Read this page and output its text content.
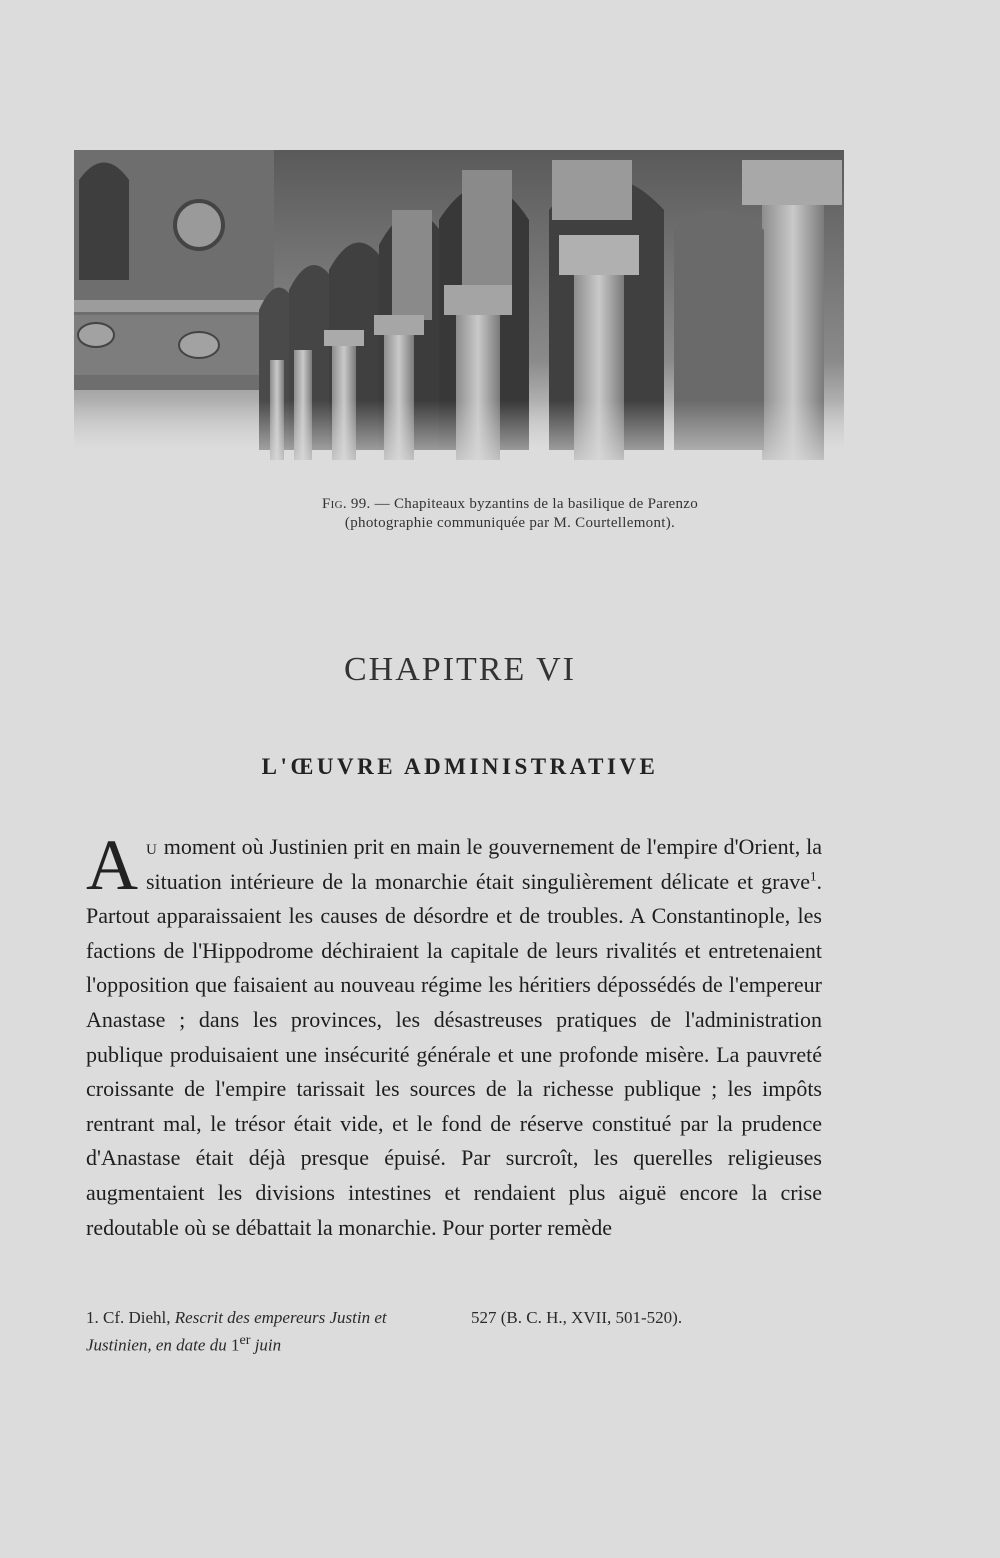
Fig. 99. — Chapiteaux byzantins de la basilique de Parenzo
(photographie communiquée par M. Courtellemont).
CHAPITRE VI
L'ŒUVRE ADMINISTRATIVE

Au moment où Justinien prit en main le gouvernement de l'empire d'Orient, la situation intérieure de la monarchie était singulièrement délicate et grave$^1$. Partout apparaissaient les causes de désordre et de troubles. A Constantinople, les factions de l'Hippodrome déchiraient la capitale de leurs rivalités et entretenaient l'opposition que faisaient au nouveau régime les héritiers dépossédés de l'empereur Anastase ; dans les provinces, les désastreuses pratiques de l'administration publique produisaient une insécurité générale et une profonde misère. La pauvreté croissante de l'empire tarissait les sources de la richesse publique ; les impôts rentrant mal, le trésor était vide, et le fond de réserve constitué par la prudence d'Anastase était déjà presque épuisé. Par surcroît, les querelles religieuses augmentaient les divisions intestines et rendaient plus aiguë encore la crise redoutable où se débattait la monarchie. Pour porter remède

1. Cf. Diehl, Rescrit des empereurs Justin et Justinien, en date du 1er juin
527 (B. C. H., XVII, 501-520).
